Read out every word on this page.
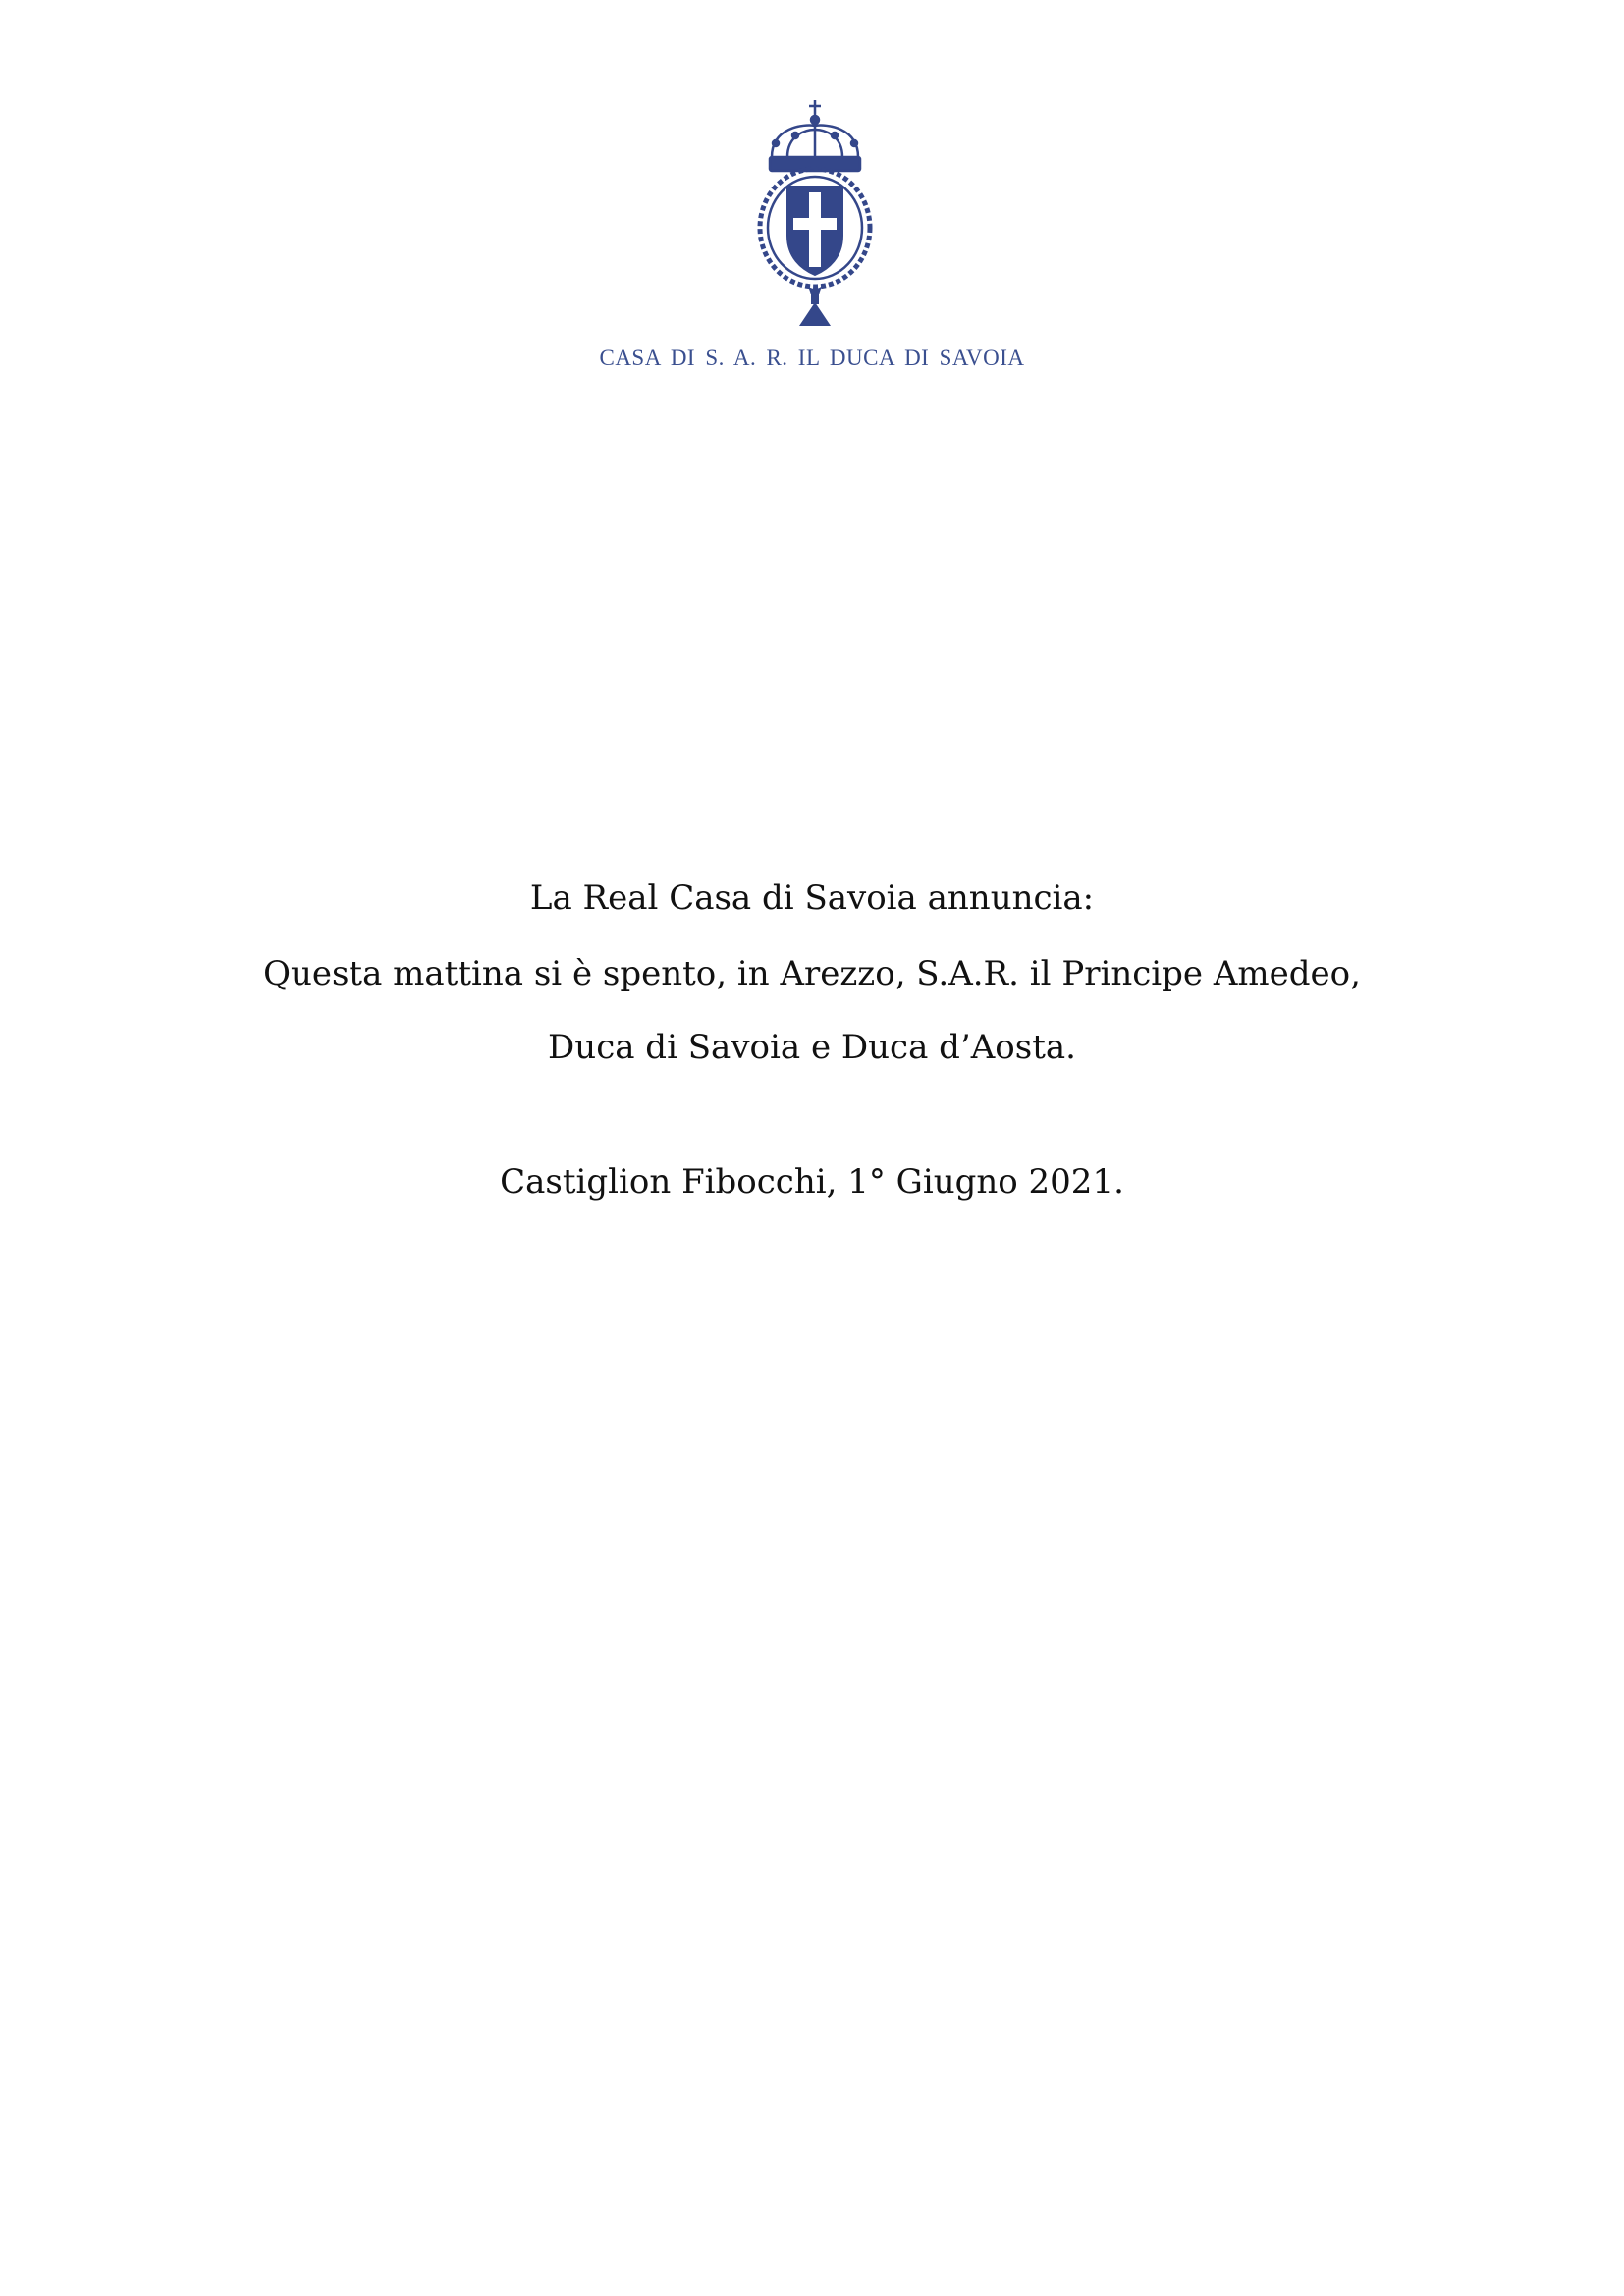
CASA DI S. A. R. IL DUCA DI SAVOIA
La Real Casa di Savoia annuncia:
Questa mattina si è spento, in Arezzo, S.A.R. il Principe Amedeo,
Duca di Savoia e Duca d’Aosta.
Castiglion Fibocchi, 1° Giugno 2021.
